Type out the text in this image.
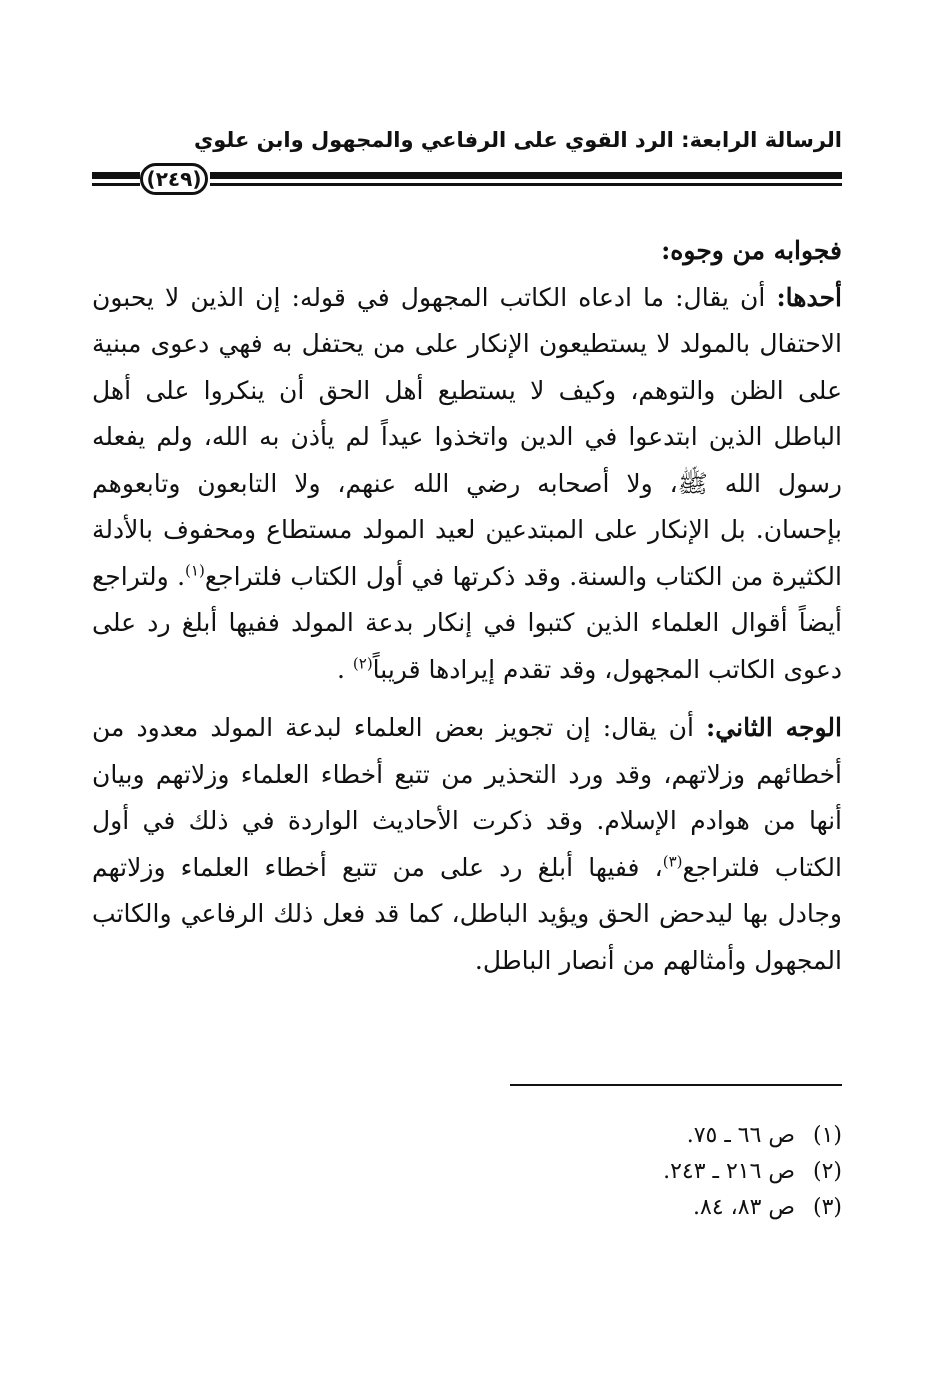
الرسالة الرابعة: الرد القوي على الرفاعي والمجهول وابن علوي
(٢٤٩)

فجوابه من وجوه:

أحدها: أن يقال: ما ادعاه الكاتب المجهول في قوله: إن الذين لا يحبون الاحتفال بالمولد لا يستطيعون الإنكار على من يحتفل به فهي دعوى مبنية على الظن والتوهم، وكيف لا يستطيع أهل الحق أن ينكروا على أهل الباطل الذين ابتدعوا في الدين واتخذوا عيداً لم يأذن به الله، ولم يفعله رسول الله ﷺ، ولا أصحابه رضي الله عنهم، ولا التابعون وتابعوهم بإحسان. بل الإنكار على المبتدعين لعيد المولد مستطاع ومحفوف بالأدلة الكثيرة من الكتاب والسنة. وقد ذكرتها في أول الكتاب فلتراجع$^{(١)}$. ولتراجع أيضاً أقوال العلماء الذين كتبوا في إنكار بدعة المولد ففيها أبلغ رد على دعوى الكاتب المجهول، وقد تقدم إيرادها قريباً$^{(٢)}$ .

الوجه الثاني: أن يقال: إن تجويز بعض العلماء لبدعة المولد معدود من أخطائهم وزلاتهم، وقد ورد التحذير من تتبع أخطاء العلماء وزلاتهم وبيان أنها من هوادم الإسلام. وقد ذكرت الأحاديث الواردة في ذلك في أول الكتاب فلتراجع$^{(٣)}$، ففيها أبلغ رد على من تتبع أخطاء العلماء وزلاتهم وجادل بها ليدحض الحق ويؤيد الباطل، كما قد فعل ذلك الرفاعي والكاتب المجهول وأمثالهم من أنصار الباطل.

(١) ص ٦٦ ـ ٧٥.
(٢) ص ٢١٦ ـ ٢٤٣.
(٣) ص ٨٣، ٨٤.
